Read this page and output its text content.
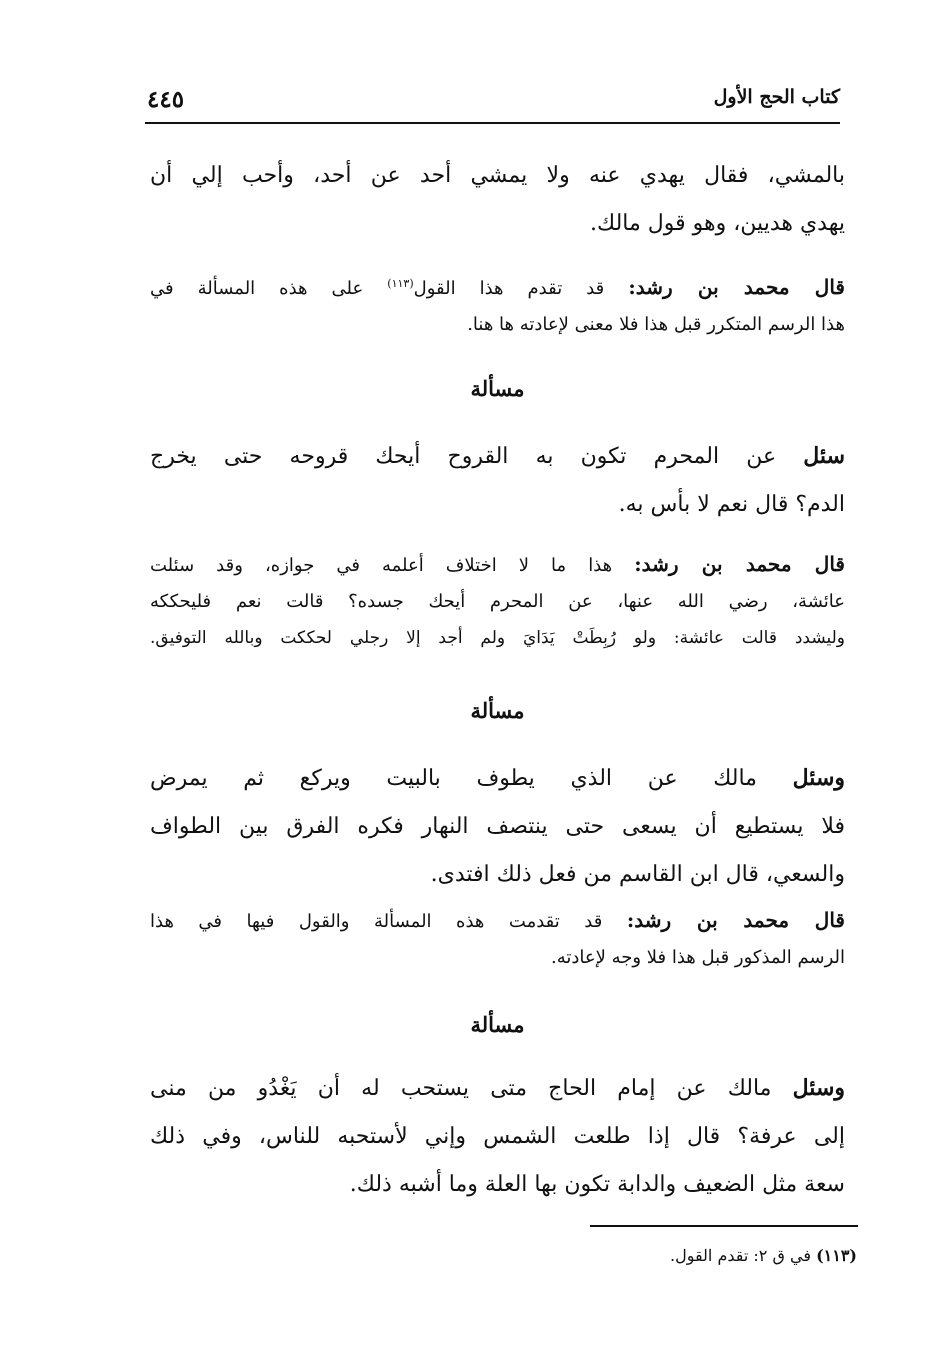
كتاب الحج الأول
٤٤٥
بالمشي، فقال يهدي عنه ولا يمشي أحد عن أحد، وأحب إلي أن
يهدي هديين، وهو قول مالك.
قال محمد بن رشد: قد تقدم هذا القول$^{(١١٣)}$ على هذه المسألة في
هذا الرسم المتكرر قبل هذا فلا معنى لإعادته ها هنا.
مسألة
سئل عن المحرم تكون به القروح أيحك قروحه حتى يخرج
الدم؟ قال نعم لا بأس به.
قال محمد بن رشد: هذا ما لا اختلاف أعلمه في جوازه، وقد سئلت
عائشة، رضي الله عنها، عن المحرم أيحك جسده؟ قالت نعم فليحككه
وليشدد قالت عائشة: ولو رُبِطَتْ يَدَايَ ولم أجد إلا رجلي لحككت وبالله التوفيق.
مسألة
وسئل مالك عن الذي يطوف بالبيت ويركع ثم يمرض
فلا يستطيع أن يسعى حتى ينتصف النهار فكره الفرق بين الطواف
والسعي، قال ابن القاسم من فعل ذلك افتدى.
قال محمد بن رشد: قد تقدمت هذه المسألة والقول فيها في هذا
الرسم المذكور قبل هذا فلا وجه لإعادته.
مسألة
وسئل مالك عن إمام الحاج متى يستحب له أن يَغْدُو من منى
إلى عرفة؟ قال إذا طلعت الشمس وإني لأستحبه للناس، وفي ذلك
سعة مثل الضعيف والدابة تكون بها العلة وما أشبه ذلك.
(١١٣) في ق ٢: تقدم القول.
